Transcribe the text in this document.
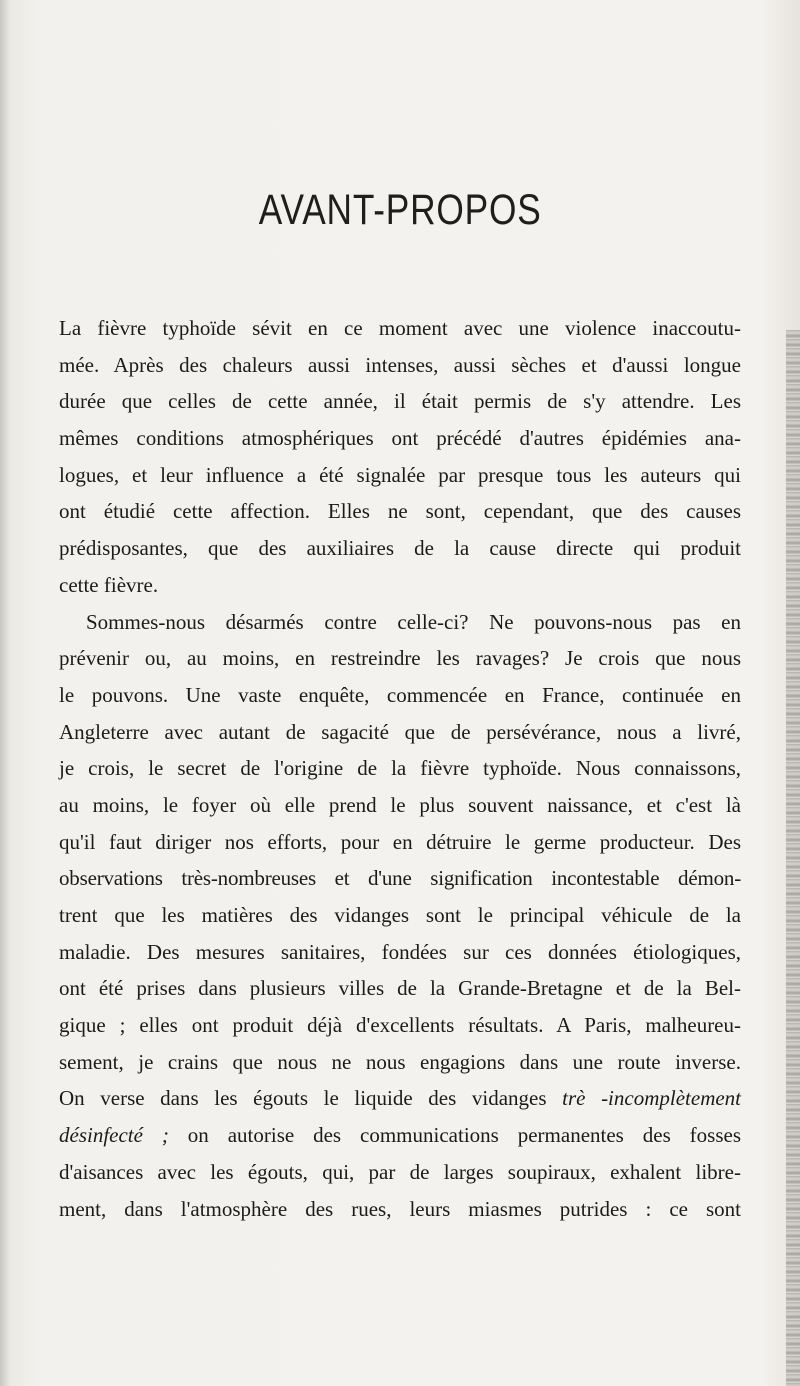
AVANT-PROPOS
La fièvre typhoïde sévit en ce moment avec une violence inaccoutu-
mée. Après des chaleurs aussi intenses, aussi sèches et d'aussi longue
durée que celles de cette année, il était permis de s'y attendre. Les
mêmes conditions atmosphériques ont précédé d'autres épidémies ana-
logues, et leur influence a été signalée par presque tous les auteurs qui
ont étudié cette affection. Elles ne sont, cependant, que des causes
prédisposantes, que des auxiliaires de la cause directe qui produit
cette fièvre.
Sommes-nous désarmés contre celle-ci? Ne pouvons-nous pas en
prévenir ou, au moins, en restreindre les ravages? Je crois que nous
le pouvons. Une vaste enquête, commencée en France, continuée en
Angleterre avec autant de sagacité que de persévérance, nous a livré,
je crois, le secret de l'origine de la fièvre typhoïde. Nous connaissons,
au moins, le foyer où elle prend le plus souvent naissance, et c'est là
qu'il faut diriger nos efforts, pour en détruire le germe producteur. Des
observations très-nombreuses et d'une signification incontestable démon-
trent que les matières des vidanges sont le principal véhicule de la
maladie. Des mesures sanitaires, fondées sur ces données étiologiques,
ont été prises dans plusieurs villes de la Grande-Bretagne et de la Bel-
gique ; elles ont produit déjà d'excellents résultats. A Paris, malheureu-
sement, je crains que nous ne nous engagions dans une route inverse.
On verse dans les égouts le liquide des vidanges trè -incomplètement
désinfecté ; on autorise des communications permanentes des fosses
d'aisances avec les égouts, qui, par de larges soupiraux, exhalent libre-
ment, dans l'atmosphère des rues, leurs miasmes putrides : ce sont
